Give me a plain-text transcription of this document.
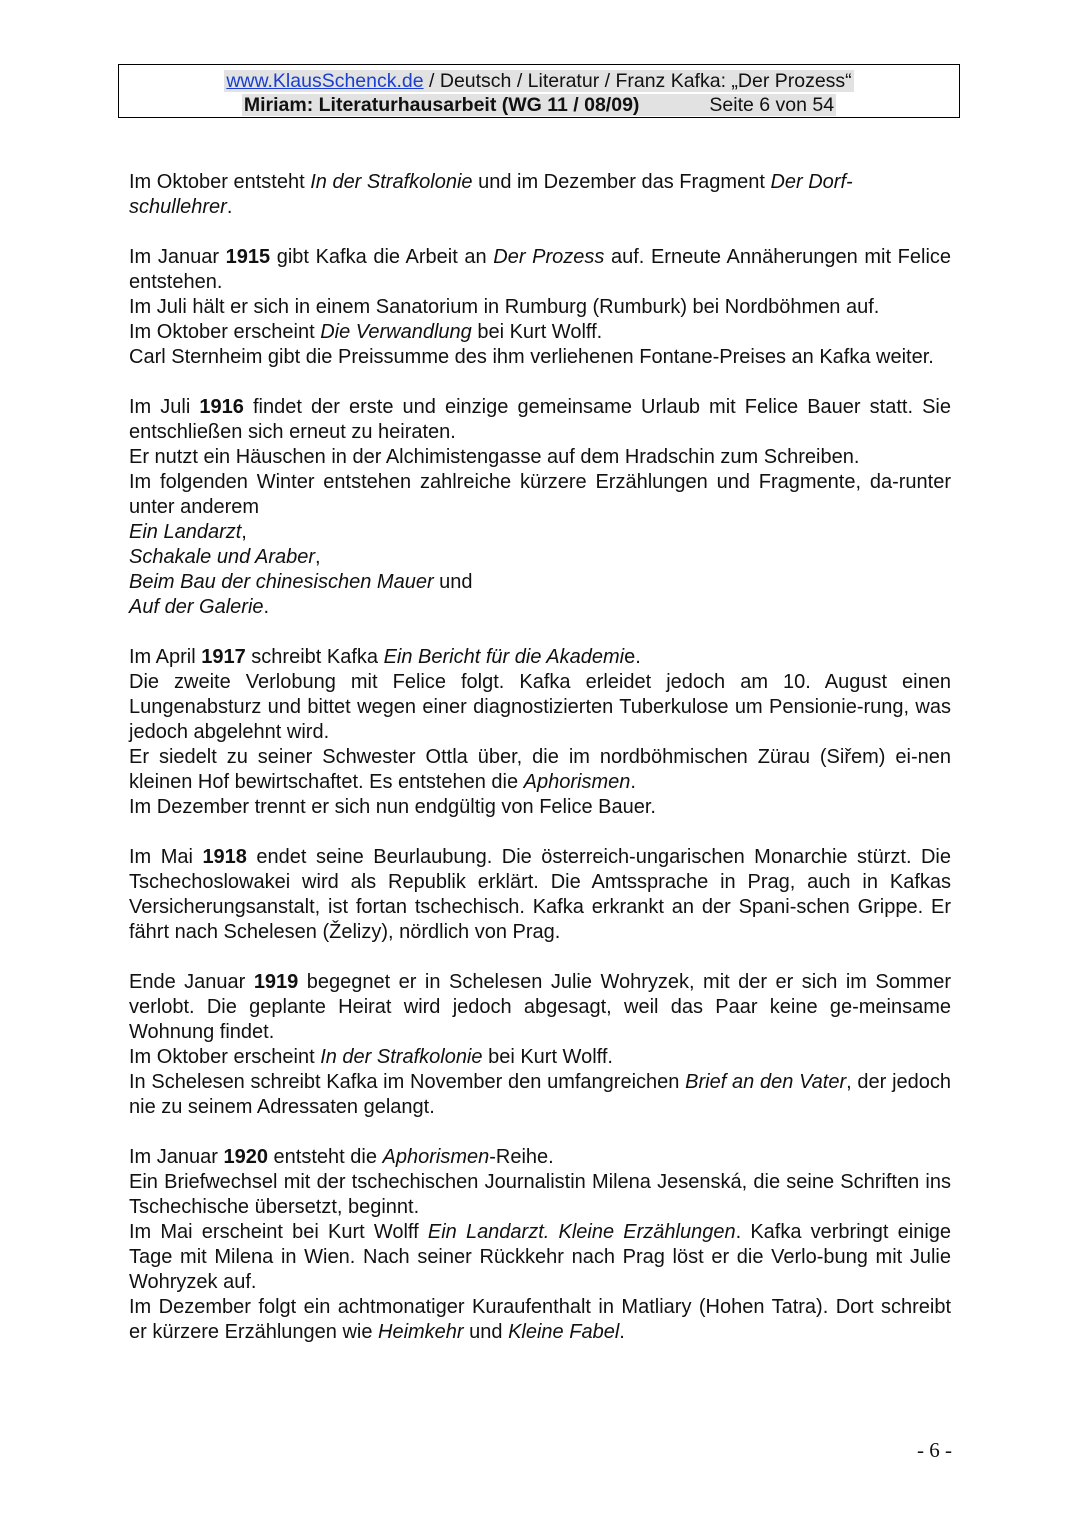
www.KlausSchenck.de / Deutsch / Literatur / Franz Kafka: „Der Prozess“
Miriam: Literaturhausarbeit (WG 11 / 08/09)	Seite 6 von 54

Im Oktober entsteht In der Strafkolonie und im Dezember das Fragment Der Dorf-
schullehrer.

Im Januar 1915 gibt Kafka die Arbeit an Der Prozess auf. Erneute Annäherungen mit Felice entstehen.
Im Juli hält er sich in einem Sanatorium in Rumburg (Rumburk) bei Nordböhmen auf.
Im Oktober erscheint Die Verwandlung bei Kurt Wolff.
Carl Sternheim gibt die Preissumme des ihm verliehenen Fontane-Preises an Kafka weiter.

Im Juli 1916 findet der erste und einzige gemeinsame Urlaub mit Felice Bauer statt. Sie entschließen sich erneut zu heiraten.
Er nutzt ein Häuschen in der Alchimistengasse auf dem Hradschin zum Schreiben.
Im folgenden Winter entstehen zahlreiche kürzere Erzählungen und Fragmente, da-runter unter anderem
Ein Landarzt,
Schakale und Araber,
Beim Bau der chinesischen Mauer und
Auf der Galerie.

Im April 1917 schreibt Kafka Ein Bericht für die Akademie.
Die zweite Verlobung mit Felice folgt. Kafka erleidet jedoch am 10. August einen Lungenabsturz und bittet wegen einer diagnostizierten Tuberkulose um Pensionie-rung, was jedoch abgelehnt wird.
Er siedelt zu seiner Schwester Ottla über, die im nordböhmischen Zürau (Siřem) ei-nen kleinen Hof bewirtschaftet. Es entstehen die Aphorismen.
Im Dezember trennt er sich nun endgültig von Felice Bauer.

Im Mai 1918 endet seine Beurlaubung. Die österreich-ungarischen Monarchie stürzt. Die Tschechoslowakei wird als Republik erklärt. Die Amtssprache in Prag, auch in Kafkas Versicherungsanstalt, ist fortan tschechisch. Kafka erkrankt an der Spani-schen Grippe. Er fährt nach Schelesen (Želizy), nördlich von Prag.

Ende Januar 1919 begegnet er in Schelesen Julie Wohryzek, mit der er sich im Sommer verlobt. Die geplante Heirat wird jedoch abgesagt, weil das Paar keine ge-meinsame Wohnung findet.
Im Oktober erscheint In der Strafkolonie bei Kurt Wolff.
In Schelesen schreibt Kafka im November den umfangreichen Brief an den Vater, der jedoch nie zu seinem Adressaten gelangt.

Im Januar 1920 entsteht die Aphorismen-Reihe.
Ein Briefwechsel mit der tschechischen Journalistin Milena Jesenská, die seine Schriften ins Tschechische übersetzt, beginnt.
Im Mai erscheint bei Kurt Wolff Ein Landarzt. Kleine Erzählungen. Kafka verbringt einige Tage mit Milena in Wien. Nach seiner Rückkehr nach Prag löst er die Verlo-bung mit Julie Wohryzek auf.
Im Dezember folgt ein achtmonatiger Kuraufenthalt in Matliary (Hohen Tatra). Dort schreibt er kürzere Erzählungen wie Heimkehr und Kleine Fabel.

- 6 -
